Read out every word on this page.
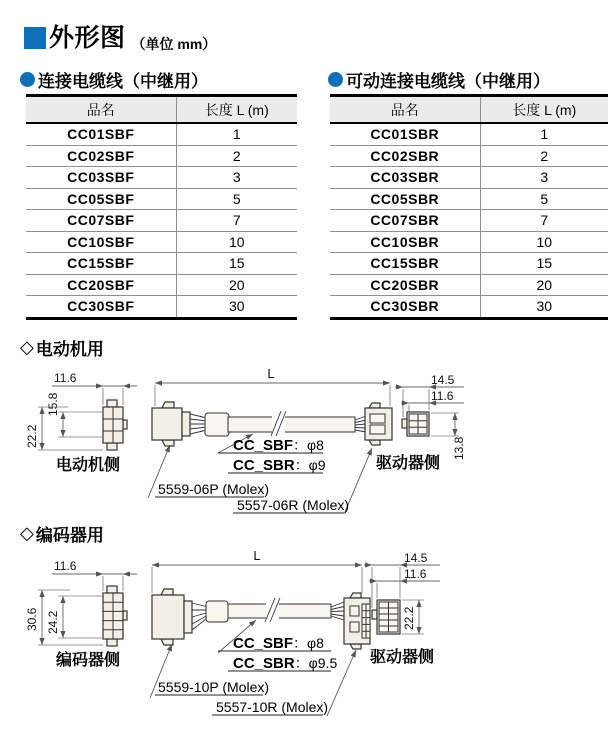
外形图 （单位 mm）
连接电缆线（中继用）	可动连接电缆线（中继用）
品名	长度 L (m)
CC01SBF	1
CC02SBF	2
CC03SBF	3
CC05SBF	5
CC07SBF	7
CC10SBF	10
CC15SBF	15
CC20SBF	20
CC30SBF	30
品名	长度 L (m)
CC01SBR	1
CC02SBR	2
CC03SBR	3
CC05SBR	5
CC07SBR	7
CC10SBR	10
CC15SBR	15
CC20SBR	20
CC30SBR	30
◇ 电动机用
11.6
15.8
22.2
电动机侧
L
CC_SBF：φ8
CC_SBR：φ9
5559-06P (Molex)
5557-06R (Molex)
14.5
11.6
13.8
驱动器侧
◇ 编码器用
11.6
24.2
30.6
编码器侧
L
CC_SBF：φ8
CC_SBR：φ9.5
5559-10P (Molex)
5557-10R (Molex)
14.5
11.6
22.2
驱动器侧
